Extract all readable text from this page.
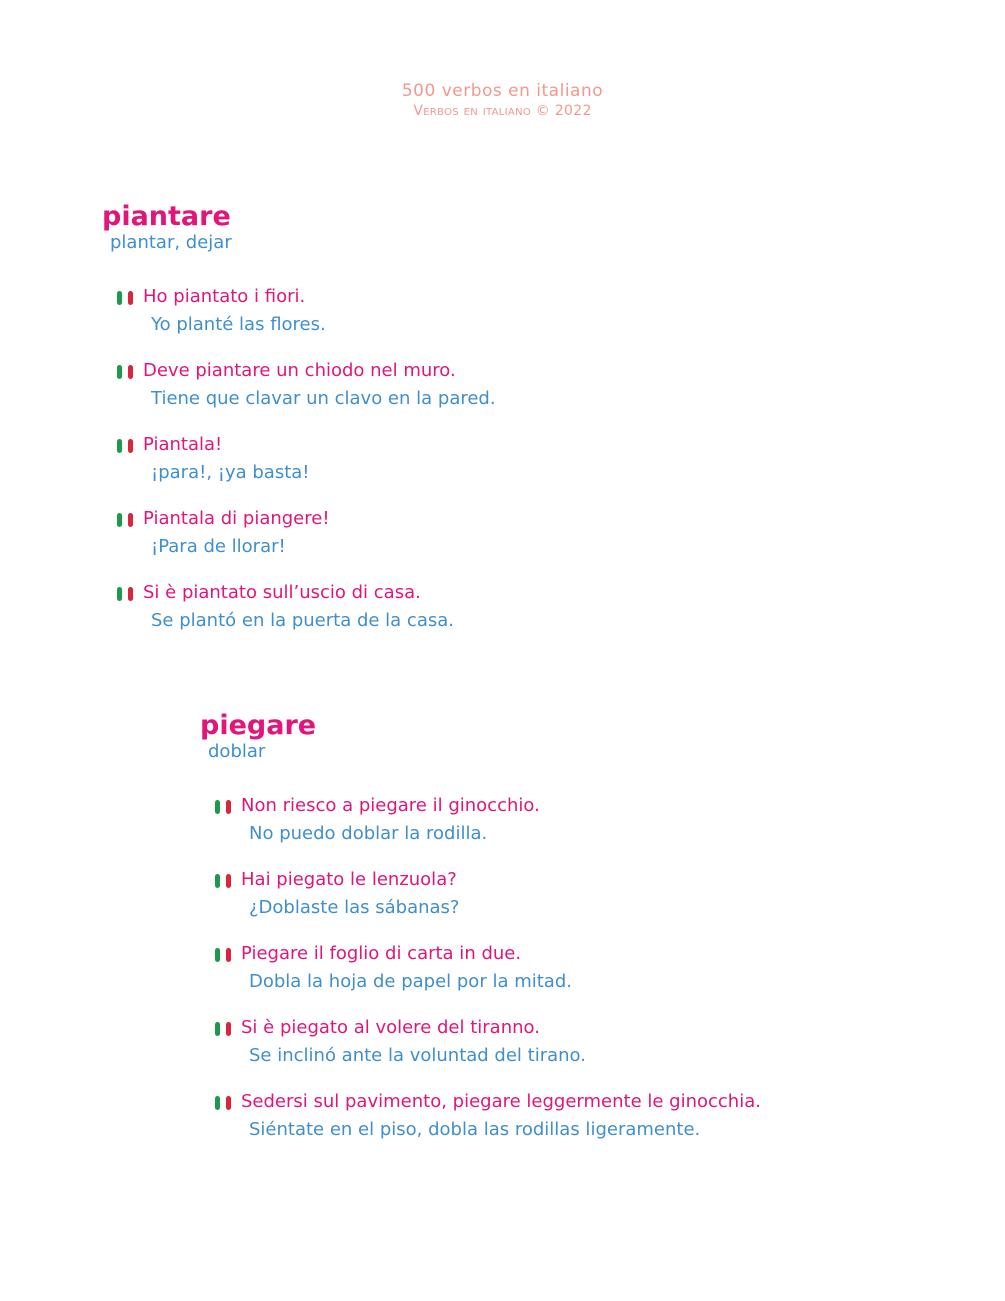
500 verbos en italiano
Verbos en italiano © 2022
piantare
plantar, dejar
Ho piantato i fiori.
Yo planté las flores.
Deve piantare un chiodo nel muro.
Tiene que clavar un clavo en la pared.
Piantala!
¡para!, ¡ya basta!
Piantala di piangere!
¡Para de llorar!
Si è piantato sull’uscio di casa.
Se plantó en la puerta de la casa.
piegare
doblar
Non riesco a piegare il ginocchio.
No puedo doblar la rodilla.
Hai piegato le lenzuola?
¿Doblaste las sábanas?
Piegare il foglio di carta in due.
Dobla la hoja de papel por la mitad.
Si è piegato al volere del tiranno.
Se inclinó ante la voluntad del tirano.
Sedersi sul pavimento, piegare leggermente le ginocchia.
Siéntate en el piso, dobla las rodillas ligeramente.
